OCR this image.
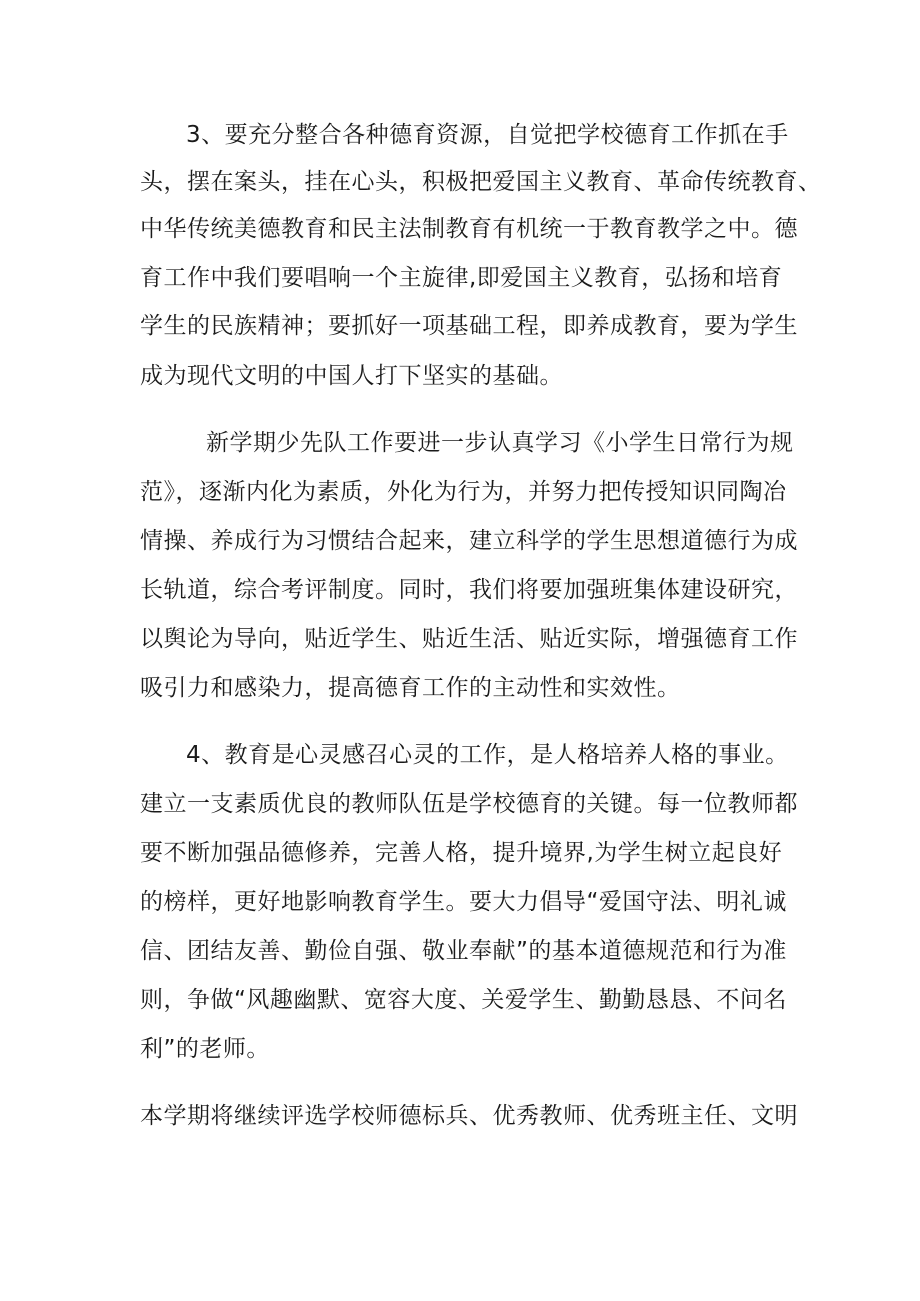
3、要充分整合各种德育资源，自觉把学校德育工作抓在手

头，摆在案头，挂在心头，积极把爱国主义教育、革命传统教育、

中华传统美德教育和民主法制教育有机统一于教育教学之中。德

育工作中我们要唱响一个主旋律,即爱国主义教育，弘扬和培育

学生的民族精神；要抓好一项基础工程，即养成教育，要为学生

成为现代文明的中国人打下坚实的基础。

新学期少先队工作要进一步认真学习《小学生日常行为规

范》，逐渐内化为素质，外化为行为，并努力把传授知识同陶冶

情操、养成行为习惯结合起来，建立科学的学生思想道德行为成

长轨道，综合考评制度。同时，我们将要加强班集体建设研究，

以舆论为导向，贴近学生、贴近生活、贴近实际，增强德育工作

吸引力和感染力，提高德育工作的主动性和实效性。

4、教育是心灵感召心灵的工作，是人格培养人格的事业。

建立一支素质优良的教师队伍是学校德育的关键。每一位教师都

要不断加强品德修养，完善人格，提升境界,为学生树立起良好

的榜样，更好地影响教育学生。要大力倡导“爱国守法、明礼诚

信、团结友善、勤俭自强、敬业奉献”的基本道德规范和行为准

则，争做“风趣幽默、宽容大度、关爱学生、勤勤恳恳、不问名

利”的老师。

本学期将继续评选学校师德标兵、优秀教师、优秀班主任、文明
